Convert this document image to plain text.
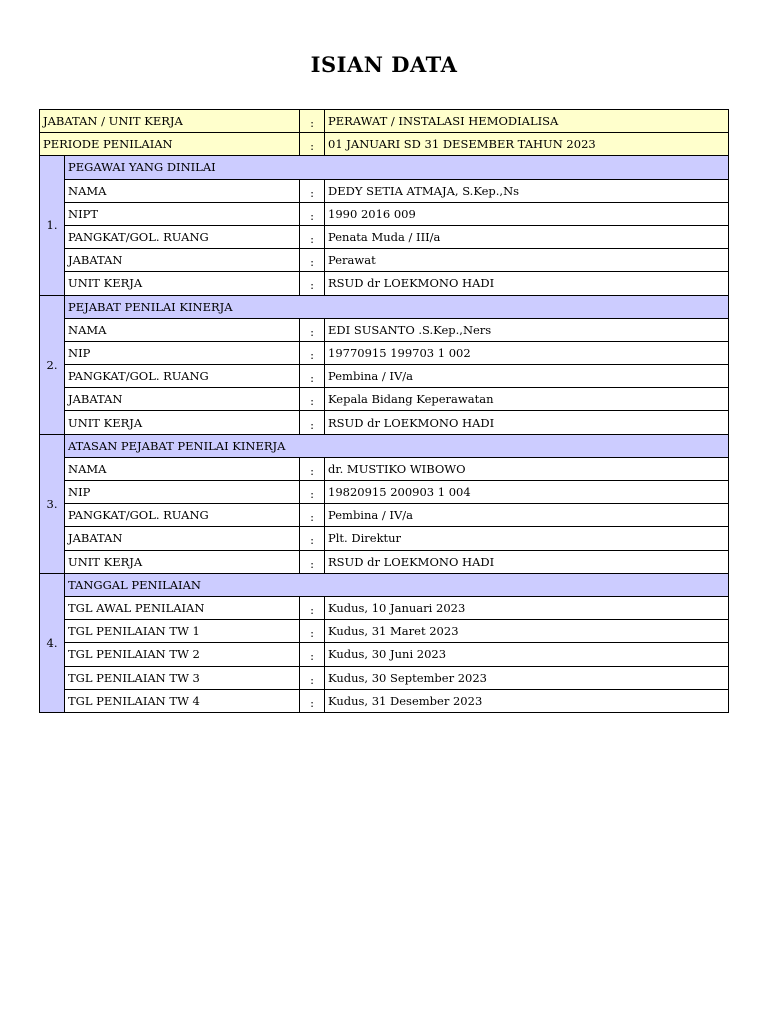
ISIAN DATA
JABATAN / UNIT KERJA		:	PERAWAT / INSTALASI HEMODIALISA
PERIODE PENILAIAN		:	01 JANUARI SD 31 DESEMBER TAHUN 2023
1.	PEGAWAI YANG DINILAI		
	NAMA	:	DEDY SETIA ATMAJA, S.Kep.,Ns
	NIPT	:	1990 2016 009
	PANGKAT/GOL. RUANG	:	Penata Muda / III/a
	JABATAN	:	Perawat
	UNIT KERJA	:	RSUD dr LOEKMONO HADI
2.	PEJABAT PENILAI KINERJA		
	NAMA	:	EDI SUSANTO .S.Kep.,Ners
	NIP	:	19770915 199703 1 002
	PANGKAT/GOL. RUANG	:	Pembina / IV/a
	JABATAN	:	Kepala Bidang Keperawatan
	UNIT KERJA	:	RSUD dr LOEKMONO HADI
3.	ATASAN PEJABAT PENILAI KINERJA		
	NAMA	:	dr. MUSTIKO WIBOWO
	NIP	:	19820915 200903 1 004
	PANGKAT/GOL. RUANG	:	Pembina / IV/a
	JABATAN	:	Plt. Direktur
	UNIT KERJA	:	RSUD dr LOEKMONO HADI
4.	TANGGAL PENILAIAN		
	TGL AWAL PENILAIAN	:	Kudus, 10 Januari 2023
	TGL PENILAIAN TW 1	:	Kudus, 31 Maret 2023
	TGL PENILAIAN TW 2	:	Kudus, 30 Juni 2023
	TGL PENILAIAN TW 3	:	Kudus, 30 September 2023
	TGL PENILAIAN TW 4	:	Kudus, 31 Desember 2023
